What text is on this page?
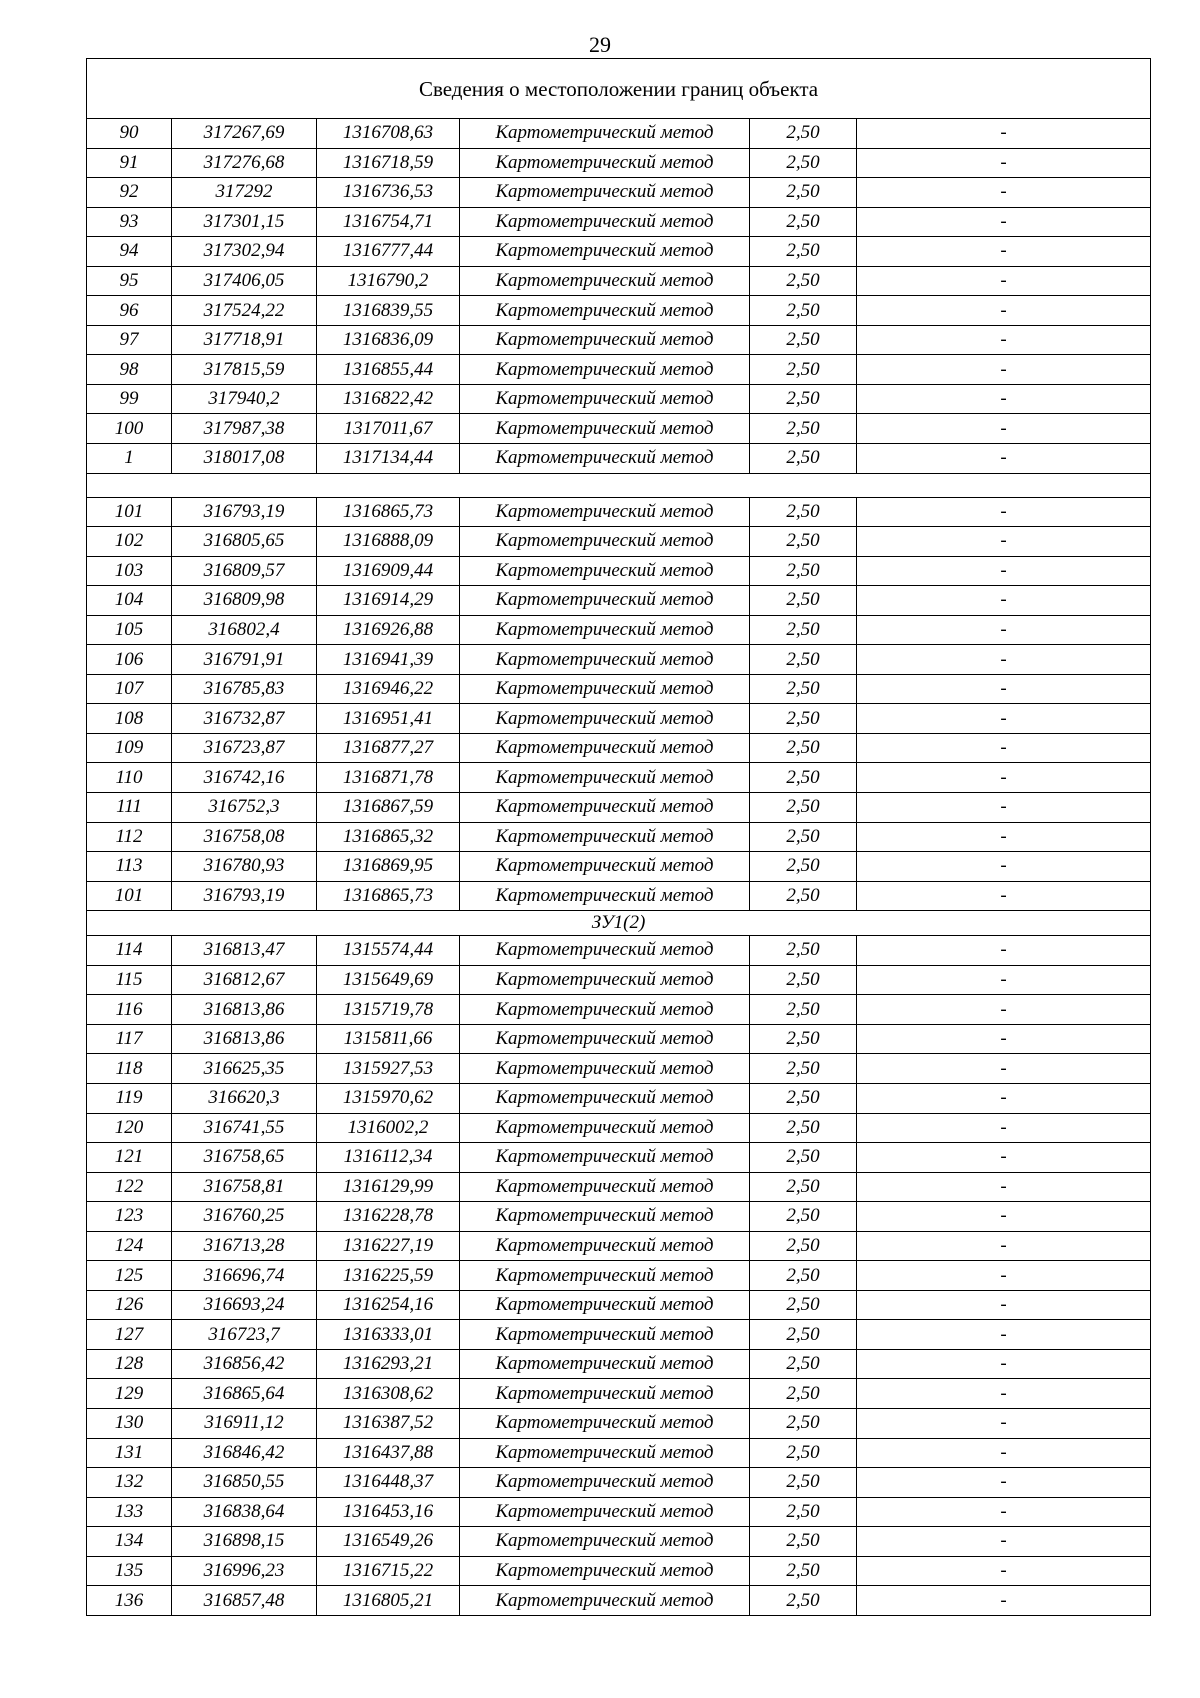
29
Сведения о местоположении границ объекта					
90	317267,69	1316708,63	Картометрический метод	2,50	-
91	317276,68	1316718,59	Картометрический метод	2,50	-
92	317292	1316736,53	Картометрический метод	2,50	-
93	317301,15	1316754,71	Картометрический метод	2,50	-
94	317302,94	1316777,44	Картометрический метод	2,50	-
95	317406,05	1316790,2	Картометрический метод	2,50	-
96	317524,22	1316839,55	Картометрический метод	2,50	-
97	317718,91	1316836,09	Картометрический метод	2,50	-
98	317815,59	1316855,44	Картометрический метод	2,50	-
99	317940,2	1316822,42	Картометрический метод	2,50	-
100	317987,38	1317011,67	Картометрический метод	2,50	-
1	318017,08	1317134,44	Картометрический метод	2,50	-

101	316793,19	1316865,73	Картометрический метод	2,50	-
102	316805,65	1316888,09	Картометрический метод	2,50	-
103	316809,57	1316909,44	Картометрический метод	2,50	-
104	316809,98	1316914,29	Картометрический метод	2,50	-
105	316802,4	1316926,88	Картометрический метод	2,50	-
106	316791,91	1316941,39	Картометрический метод	2,50	-
107	316785,83	1316946,22	Картометрический метод	2,50	-
108	316732,87	1316951,41	Картометрический метод	2,50	-
109	316723,87	1316877,27	Картометрический метод	2,50	-
110	316742,16	1316871,78	Картометрический метод	2,50	-
111	316752,3	1316867,59	Картометрический метод	2,50	-
112	316758,08	1316865,32	Картометрический метод	2,50	-
113	316780,93	1316869,95	Картометрический метод	2,50	-
101	316793,19	1316865,73	Картометрический метод	2,50	-
ЗУ1(2)					
114	316813,47	1315574,44	Картометрический метод	2,50	-
115	316812,67	1315649,69	Картометрический метод	2,50	-
116	316813,86	1315719,78	Картометрический метод	2,50	-
117	316813,86	1315811,66	Картометрический метод	2,50	-
118	316625,35	1315927,53	Картометрический метод	2,50	-
119	316620,3	1315970,62	Картометрический метод	2,50	-
120	316741,55	1316002,2	Картометрический метод	2,50	-
121	316758,65	1316112,34	Картометрический метод	2,50	-
122	316758,81	1316129,99	Картометрический метод	2,50	-
123	316760,25	1316228,78	Картометрический метод	2,50	-
124	316713,28	1316227,19	Картометрический метод	2,50	-
125	316696,74	1316225,59	Картометрический метод	2,50	-
126	316693,24	1316254,16	Картометрический метод	2,50	-
127	316723,7	1316333,01	Картометрический метод	2,50	-
128	316856,42	1316293,21	Картометрический метод	2,50	-
129	316865,64	1316308,62	Картометрический метод	2,50	-
130	316911,12	1316387,52	Картометрический метод	2,50	-
131	316846,42	1316437,88	Картометрический метод	2,50	-
132	316850,55	1316448,37	Картометрический метод	2,50	-
133	316838,64	1316453,16	Картометрический метод	2,50	-
134	316898,15	1316549,26	Картометрический метод	2,50	-
135	316996,23	1316715,22	Картометрический метод	2,50	-
136	316857,48	1316805,21	Картометрический метод	2,50	-
